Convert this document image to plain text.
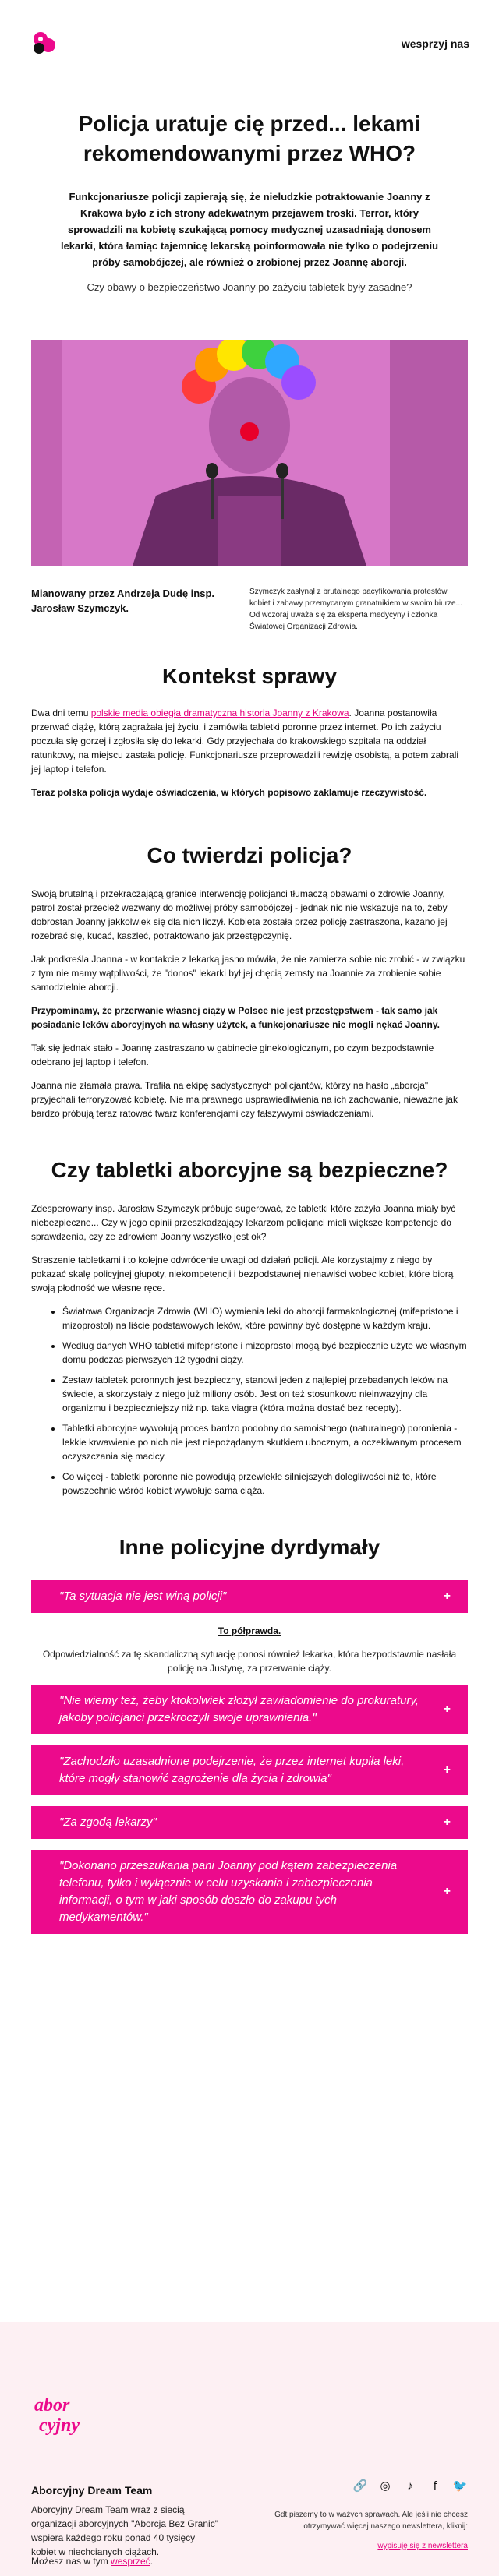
wesprzyj nas
Policja uratuje cię przed... lekami rekomendowanymi przez WHO?

Funkcjonariusze policji zapierają się, że nieludzkie potraktowanie Joanny z Krakowa było z ich strony adekwatnym przejawem troski. Terror, który sprowadzili na kobietę szukającą pomocy medycznej uzasadniają donosem lekarki, która łamiąc tajemnicę lekarską poinformowała nie tylko o podejrzeniu próby samobójczej, ale również o zrobionej przez Joannę aborcji.

Czy obawy o bezpieczeństwo Joanny po zażyciu tabletek były zasadne?

Mianowany przez Andrzeja Dudę insp. Jarosław Szymczyk.

Szymczyk zasłynął z brutalnego pacyfikowania protestów kobiet i zabawy przemycanym granatnikiem w swoim biurze... Od wczoraj uważa się za eksperta medycyny i członka Światowej Organizacji Zdrowia.

Kontekst sprawy

Dwa dni temu polskie media obiegła dramatyczna historia Joanny z Krakowa. Joanna postanowiła przerwać ciążę, którą zagrażała jej życiu, i zamówiła tabletki poronne przez internet. Po ich zażyciu poczuła się gorzej i zgłosiła się do lekarki. Gdy przyjechała do krakowskiego szpitala na oddział ratunkowy, na miejscu zastała policję. Funkcjonariusze przeprowadzili rewizję osobistą, a potem zabrali jej laptop i telefon.

Teraz polska policja wydaje oświadczenia, w których popisowo zaklamuje rzeczywistość.

Co twierdzi policja?

Swoją brutalną i przekraczającą granice interwencję policjanci tłumaczą obawami o zdrowie Joanny, patrol został przecież wezwany do możliwej próby samobójczej - jednak nic nie wskazuje na to, żeby dobrostan Joanny jakkolwiek się dla nich liczył. Kobieta została przez policję zastraszona, kazano jej rozebrać się, kucać, kaszleć, potraktowano jak przestępczynię.

Jak podkreśla Joanna - w kontakcie z lekarką jasno mówiła, że nie zamierza sobie nic zrobić - w związku z tym nie mamy wątpliwości, że "donos" lekarki był jej chęcią zemsty na Joannie za zrobienie sobie samodzielnie aborcji.

Przypominamy, że przerwanie własnej ciąży w Polsce nie jest przestępstwem - tak samo jak posiadanie leków aborcyjnych na własny użytek, a funkcjonariusze nie mogli nękać Joanny.

Tak się jednak stało - Joannę zastraszano w gabinecie ginekologicznym, po czym bezpodstawnie odebrano jej laptop i telefon.

Joanna nie złamała prawa. Trafiła na ekipę sadystycznych policjantów, którzy na hasło „aborcja" przyjechali terroryzować kobietę. Nie ma prawnego usprawiedliwienia na ich zachowanie, nieważne jak bardzo próbują teraz ratować twarz konferencjami czy fałszywymi oświadczeniami.

Czy tabletki aborcyjne są bezpieczne?

Zdesperowany insp. Jarosław Szymczyk próbuje sugerować, że tabletki które zażyła Joanna miały być niebezpieczne... Czy w jego opinii przeszkadzający lekarzom policjanci mieli większe kompetencje do sprawdzenia, czy ze zdrowiem Joanny wszystko jest ok?

Straszenie tabletkami i to kolejne odwrócenie uwagi od działań policji. Ale korzystajmy z niego by pokazać skalę policyjnej głupoty, niekompetencji i bezpodstawnej nienawiści wobec kobiet, które biorą swoją płodność we własne ręce.

• Światowa Organizacja Zdrowia (WHO) wymienia leki do aborcji farmakologicznej (mifepristone i mizoprostol) na liście podstawowych leków, które powinny być dostępne w każdym kraju.
• Według danych WHO tabletki mifepristone i mizoprostol mogą być bezpiecznie użyte we własnym domu podczas pierwszych 12 tygodni ciąży.
• Zestaw tabletek poronnych jest bezpieczny, stanowi jeden z najlepiej przebadanych leków na świecie, a skorzystały z niego już miliony osób. Jest on też stosunkowo nieinwazyjny dla organizmu i bezpieczniejszy niż np. taka viagra (która można dostać bez recepty).
• Tabletki aborcyjne wywołują proces bardzo podobny do samoistnego (naturalnego) poronienia - lekkie krwawienie po nich nie jest niepożądanym skutkiem ubocznym, a oczekiwanym procesem oczyszczania się macicy.
• Co więcej - tabletki poronne nie powodują przewlekłe silniejszych dolegliwości niż te, które powszechnie wśród kobiet wywołuje sama ciąża.
Inne policyjne dyrdymały
"Ta sytuacja nie jest winą policji"	+

To półprawda.

Odpowiedzialność za tę skandaliczną sytuację ponosi również lekarka, która bezpodstawnie nasłała policję na Justynę, za przerwanie ciąży.

"Nie wiemy też, żeby ktokolwiek złożył zawiadomienie do prokuratury, jakoby policjanci przekroczyli swoje uprawnienia."
+
"Zachodziło uzasadnione podejrzenie, że przez internet kupiła leki, które mogły stanowić zagrożenie dla życia i zdrowia"
+
"Za zgodą lekarzy"	+
"Dokonano przeszukania pani Joanny pod kątem zabezpieczenia telefonu, tylko i wyłącznie w celu uzyskania i zabezpieczenia informacji, o tym w jaki sposób doszło do zakupu tych medykamentów."
+
abor
cyjny
Aborcyjny Dream Team

Aborcyjny Dream Team wraz z siecią organizacji aborcyjnych "Aborcja Bez Granic" wspiera każdego roku ponad 40 tysięcy kobiet w niechcianych ciążach.

Możesz nas w tym wesprzeć.

🔗 ◎	♪	f	🐦

Gdt piszemy to w ważych sprawach. Ale jeśli nie chcesz otrzymywać więcej naszego newslettera, kliknij:

wypisuję się z newslettera
